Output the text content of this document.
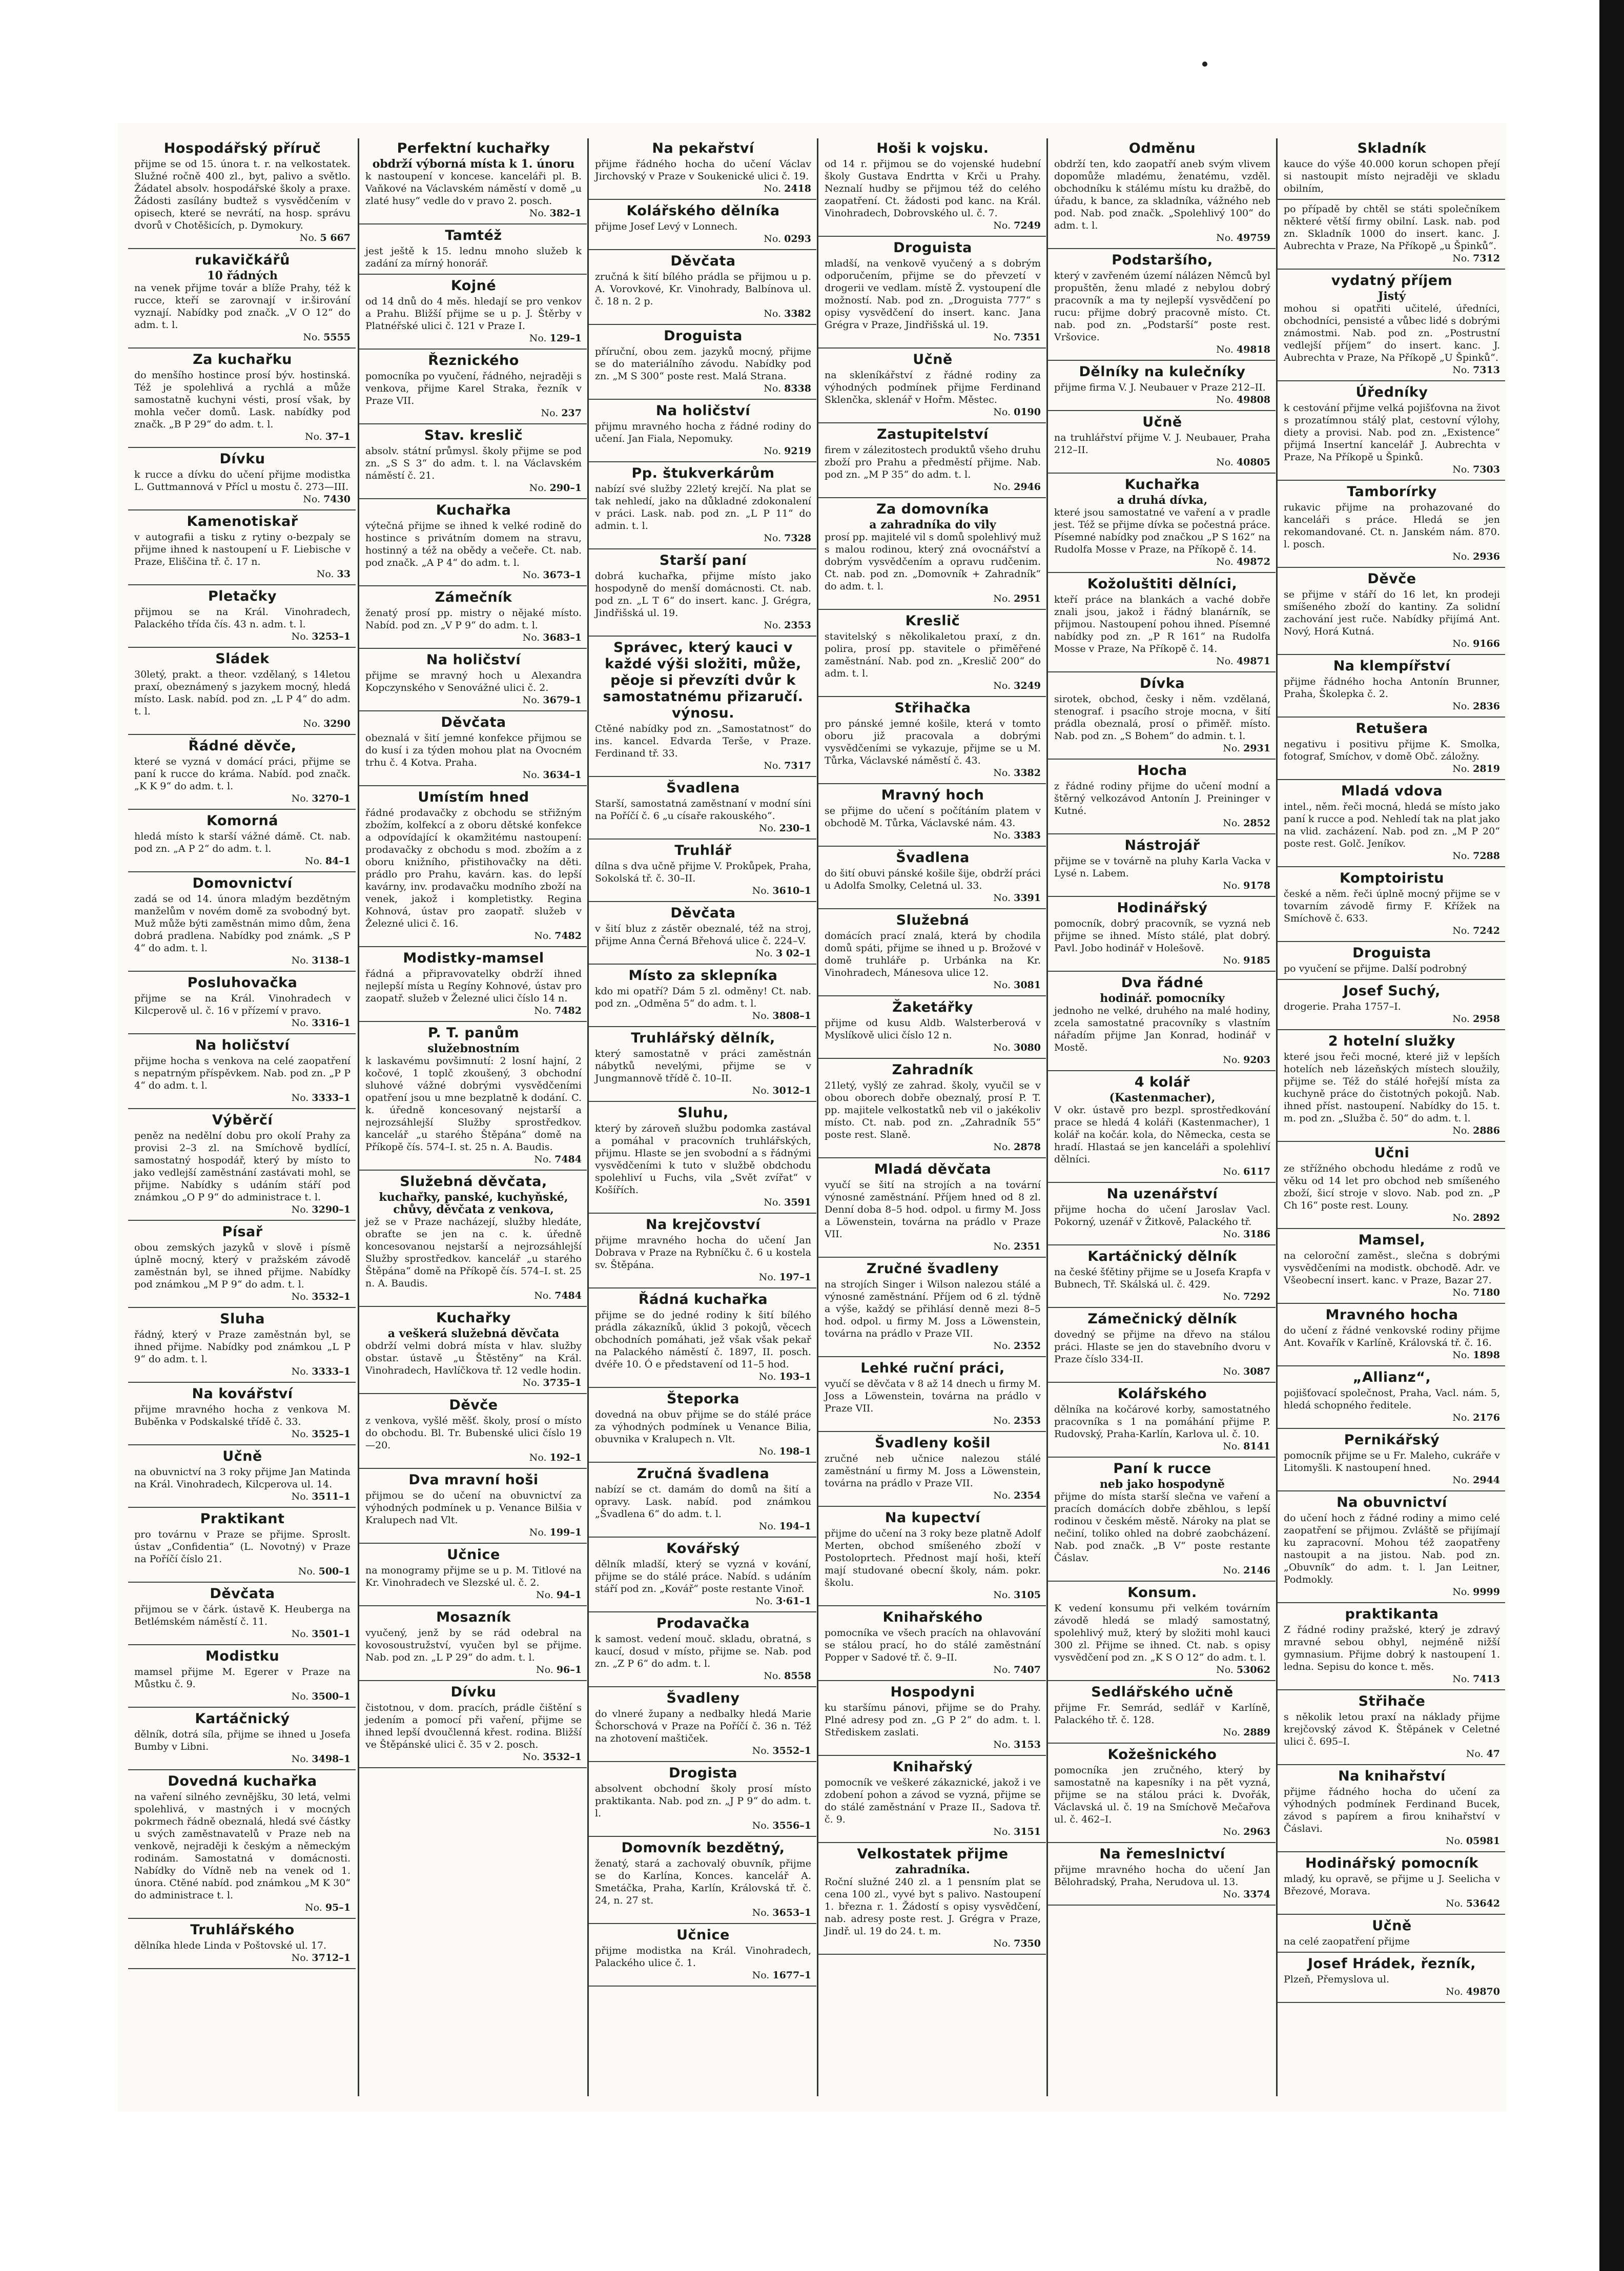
Hospodářský příruč

přijme se od 15. února t. r. na velkostatek. Služné ročně 400 zl., byt, palivo a světlo. Žádatel absolv. hospodářské školy a praxe. Žádosti zasílány budtež s vysvědčením v opisech, které se nevrátí, na hosp. správu dvorů v Chotěšicích, p. Dymokury.

No. 5 667

rukavičkářů
10 řádných

na venek přijme továr a blíže Prahy, též k rucce, kteří se zarovnají v ir.širování vyznají. Nabídky pod značk. „V O 12“ do adm. t. l.

No. 5555

Za kuchařku

do menšího hostince prosí býv. hostinská. Též je spolehlivá a rychlá a může samostatně kuchyni vésti, prosí však, by mohla večer domů. Lask. nabídky pod značk. „B P 29“ do adm. t. l.

No. 37–1

Dívku

k rucce a dívku do učení přijme modistka L. Guttmannová v Přícl u mostu č. 273—III.

No. 7430

Kamenotiskař

v autografii a tisku z rytiny o-bezpaly se přijme ihned k nastoupení u F. Liebische v Praze, Eliščina tř. č. 17 n.

No. 33

Pletačky

přijmou se na Král. Vinohradech, Palackého třída čís. 43 n. adm. t. l.

No. 3253–1

Sládek

30letý, prakt. a theor. vzdělaný, s 14letou praxí, obeznámený s jazykem mocný, hledá místo. Lask. nabíd. pod zn. „L P 4“ do adm. t. l.

No. 3290

Řádné děvče,

které se vyzná v domácí práci, přijme se paní k rucce do kráma. Nabíd. pod značk. „K K 9“ do adm. t. l.

No. 3270–1

Komorná

hledá místo k starší vážné dámě. Ct. nab. pod zn. „A P 2“ do adm. t. l.

No. 84–1

Domovnictví

zadá se od 14. února mladým bezdětným manželům v novém domě za svobodný byt. Muž může býti zaměstnán mimo dům, žena dobrá pradlena. Nabídky pod známk. „S P 4“ do adm. t. l.

No. 3138–1

Posluhovačka

přijme se na Král. Vinohradech v Kilcperově ul. č. 16 v přízemí v pravo.

No. 3316–1

Na holičství

přijme hocha s venkova na celé zaopatření s nepatrným příspěvkem. Nab. pod zn. „P P 4“ do adm. t. l.

No. 3333–1

Výběrčí

peněz na nedělní dobu pro okolí Prahy za provisi 2–3 zl. na Smíchově bydlící, samostatný hospodář, který by místo to jako vedlejší zaměstnání zastávati mohl, se přijme. Nabídky s udáním stáří pod známkou „O P 9“ do administrace t. l.

No. 3290–1

Písař

obou zemských jazyků v slově i písmě úplně mocný, který v pražském závodě zaměstnán byl, se ihned přijme. Nabídky pod známkou „M P 9“ do adm. t. l.

No. 3532–1

Sluha

řádný, který v Praze zaměstnán byl, se ihned přijme. Nabídky pod známkou „L P 9“ do adm. t. l.

No. 3333–1

Na kovářství

přijme mravného hocha z venkova M. Buběnka v Podskalské třídě č. 33.

No. 3525–1

Učně

na obuvnictví na 3 roky přijme Jan Matinda na Král. Vinohradech, Kilcperova ul. 14.

No. 3511–1

Praktikant

pro továrnu v Praze se přijme. Sproslt. ústav „Confidentia“ (L. Novotný) v Praze na Poříčí číslo 21.

No. 500–1

Děvčata

přijmou se v čárk. ústavě K. Heuberga na Betlémském náměstí č. 11.

No. 3501–1

Modistku

mamsel přijme M. Egerer v Praze na Můstku č. 9.

No. 3500–1

Kartáčnický

dělník, dotrá síla, přijme se ihned u Josefa Bumby v Libni.

No. 3498–1

Dovedná kuchařka

na vaření silného zevnějšku, 30 letá, velmi spolehlivá, v mastných i v mocných pokrmech řádně obeznalá, hledá své částky u svých zaměstnavatelů v Praze neb na venkově, nejraději k českým a německým rodinám. Samostatná v domácnosti. Nabídky do Vídně neb na venek od 1. února. Ctěné nabíd. pod známkou „M K 30“ do administrace t. l.

No. 95–1

Truhlářského

dělníka hlede Linda v Poštovské ul. 17.

No. 3712–1

Perfektní kuchařky
obdrží výborná místa k 1. únoru

k nastoupení v koncese. kanceláři pl. B. Vaňkové na Václavském náměstí v domě „u zlaté husy“ vedle do v pravo 2. posch.

No. 382–1

Tamtéž

jest ještě k 15. lednu mnoho služeb k zadání za mírný honorář.

Kojné

od 14 dnů do 4 měs. hledají se pro venkov a Prahu. Bližší přijme se u p. J. Štěrby v Platnéřské ulici č. 121 v Praze I.

No. 129–1

Řeznického

pomocníka po vyučení, řádného, nejraději s venkova, přijme Karel Straka, řezník v Praze VII.

No. 237

Stav. kreslič

absolv. státní průmysl. školy přijme se pod zn. „S S 3“ do adm. t. l. na Václavském náměstí č. 21.

No. 290–1

Kuchařka

výtečná přijme se ihned k velké rodině do hostince s privátním domem na stravu, hostinný a též na obědy a večeře. Ct. nab. pod značk. „A P 4“ do adm. t. l.

No. 3673–1

Zámečník

ženatý prosí pp. mistry o nějaké místo. Nabíd. pod zn. „V P 9“ do adm. t. l.

No. 3683–1

Na holičství

přijme se mravný hoch u Alexandra Kopczynského v Senovážné ulici č. 2.

No. 3679–1

Děvčata

obeznalá v šití jemné konfekce přijmou se do kusí i za týden mohou plat na Ovocném trhu č. 4 Kotva. Praha.

No. 3634–1

Umístím hned

řádné prodavačky z obchodu se střižným zbožím, kolfekcí a z oboru dětské konfekce a odpovídající k okamžitému nastoupení: prodavačky z obchodu s mod. zbožím a z oboru knižního, přistihovačky na děti. prádlo pro Prahu, kavárn. kas. do lepší kavárny, inv. prodavačku modního zboží na venek, jakož i kompletistky. Regina Kohnová, ústav pro zaopatř. služeb v Železné ulici č. 16.

No. 7482

Modistky-mamsel

řádná a připravovatelky obdrží ihned nejlepší místa u Regíny Kohnové, ústav pro zaopatř. služeb v Železné ulici číslo 14 n.

No. 7482

P. T. panům
služebnostním

k laskavému povšimnutí: 2 losní hajní, 2 kočové, 1 toplč zkoušený, 3 obchodní sluhové vážné dobrými vysvědčeními opatření jsou u mne bezplatně k dodání. C. k. úředně koncesovaný nejstarší a nejrozsáhlejší Služby sprostředkov. kancelář „u starého Štěpána“ domě na Příkopě čís. 574–I. st. 25 n. A. Baudis.

No. 7484

Služebná děvčata,
kuchařky, panské, kuchyňské, chůvy, děvčata z venkova,

jež se v Praze nacházejí, služby hledáte, obraťte se jen na c. k. úředně koncesovanou nejstarší a nejrozsáhlejší Služby sprostředkov. kancelář „u starého Štěpána“ domě na Příkopě čís. 574–I. st. 25 n. A. Baudis.

No. 7484

Kuchařky
a veškerá služebná děvčata

obdrží velmi dobrá místa v hlav. služby obstar. ústavě „u Štěstěny“ na Král. Vinohradech, Havlíčkova tř. 12 vedle hodin.

No. 3735–1

Děvče

z venkova, vyšlé měšť. školy, prosí o místo do obchodu. Bl. Tr. Bubenské ulici číslo 19—20.

No. 192–1

Dva mravní hoši

přijmou se do učení na obuvnictví za výhodných podmínek u p. Venance Bilšia v Kralupech nad Vlt.

No. 199–1

Učnice

na monogramy přijme se u p. M. Titlové na Kr. Vinohradech ve Slezské ul. č. 2.

No. 94–1

Mosazník

vyučený, jenž by se rád odebral na kovosoustružství, vyučen byl se přijme. Nab. pod zn. „L P 29“ do adm. t. l.

No. 96–1

Dívku

čistotnou, v dom. pracích, prádle čištění s jedením a pomocí při vaření, přijme se ihned lepší dvoučlenná křest. rodina. Bližší ve Štěpánské ulici č. 35 v 2. posch.

No. 3532–1

Na pekařství

přijme řádného hocha do učení Václav Jirchovský v Praze v Soukenické ulici č. 19.

No. 2418

Kolářského dělníka

přijme Josef Levý v Lonnech.

No. 0293

Děvčata

zručná k šití bílého prádla se přijmou u p. A. Vorovkové, Kr. Vinohrady, Balbínova ul. č. 18 n. 2 p.

No. 3382

Droguista

příruční, obou zem. jazyků mocný, přijme se do materiálního závodu. Nabídky pod zn. „M S 300“ poste rest. Malá Strana.

No. 8338

Na holičství

přijmu mravného hocha z řádné rodiny do učení. Jan Fiala, Nepomuky.

No. 9219

Pp. štukverkárům

nabízí své služby 22letý krejčí. Na plat se tak nehledí, jako na důkladné zdokonalení v práci. Lask. nab. pod zn. „L P 11“ do admin. t. l.

No. 7328

Starší paní

dobrá kuchařka, přijme místo jako hospodyně do menší domácnosti. Ct. nab. pod zn. „L T 6“ do insert. kanc. J. Grégra, Jindřišská ul. 19.

No. 2353

Správec, který kauci v každé výši složiti, může, pěoje si převzíti dvůr k samostatnému přizaručí. výnosu.

Ctěné nabídky pod zn. „Samostatnost“ do ins. kancel. Edvarda Terše, v Praze. Ferdinand tř. 33.

No. 7317

Švadlena

Starší, samostatná zaměstnaní v modní síni na Poříčí č. 6 „u císaře rakouského“.

No. 230–1

Truhlář

dílna s dva učně přijme V. Prokůpek, Praha, Sokolská tř. č. 30–II.

No. 3610–1

Děvčata

v šití bluz z zástěr obeznalé, též na stroj, přijme Anna Černá Břehová ulice č. 224–V.

No. 3 02–1

Místo za sklepníka

kdo mi opatří? Dám 5 zl. odměny! Ct. nab. pod zn. „Odměna 5“ do adm. t. l.

No. 3808–1

Truhlářský dělník,

který samostatně v práci zaměstnán nábytků nevelými, přijme se v Jungmannově třídě č. 10–II.

No. 3012–1

Sluhu,

který by zároveň službu podomka zastával a pomáhal v pracovních truhlářských, přijmu. Hlaste se jen svobodní a s řádnými vysvědčeními k tuto v službě obdchodu spolehliví u Fuchs, vila „Svět zvířat“ v Košířích.

No. 3591

Na krejčovství

přijme mravného hocha do učení Jan Dobrava v Praze na Rybníčku č. 6 u kostela sv. Štěpána.

No. 197–1

Řádná kuchařka

přijme se do jedné rodiny k šití bílého prádla zákazníků, úklid 3 pokojů, věcech obchodních pomáhati, jež však však pekař na Palackého náměstí č. 1897, II. posch. dvéře 10. Ó e představení od 11–5 hod.

No. 193–1

Šteporka

dovedná na obuv přijme se do stálé práce za výhodných podmínek u Venance Bilia, obuvnika v Kralupech n. Vlt.

No. 198–1

Zručná švadlena

nabízí se ct. damám do domů na šití a opravy. Lask. nabíd. pod známkou „Švadlena 6“ do adm. t. l.

No. 194–1

Kovářský

dělník mladší, který se vyzná v kování, přijme se do stálé práce. Nabíd. s udáním stáří pod zn. „Kovář“ poste restante Vinoř.

No. 3·61–1

Prodavačka

k samost. vedení mouč. skladu, obratná, s kaucí, dosud v místo, přijme se. Nab. pod zn. „Z P 6“ do adm. t. l.

No. 8558

Švadleny

do vlneré župany a nedbalky hledá Marie Šchorschová v Praze na Poříčí č. 36 n. Též na zhotovení maštiček.

No. 3552–1

Drogista

absolvent obchodní školy prosí místo praktikanta. Nab. pod zn. „J P 9“ do adm. t. l.

No. 3556–1

Domovník bezdětný,

ženatý, stará a zachovalý obuvník, přijme se do Karlína, Konces. kancelář A. Smetáčka, Praha, Karlín, Královská tř. č. 24, n. 27 st.

No. 3653–1

Učnice

přijme modistka na Král. Vinohradech, Palackého ulice č. 1.

No. 1677–1

Hoši k vojsku.

od 14 r. přijmou se do vojenské hudební školy Gustava Endrtta v Krči u Prahy. Neznalí hudby se přijmou též do celého zaopatření. Ct. žádosti pod kanc. na Král. Vinohradech, Dobrovského ul. č. 7.

No. 7249

Droguista

mladší, na venkově vyučený a s dobrým odporučením, přijme se do převzetí v drogerii ve vedlam. místě Ž. vystoupení dle možností. Nab. pod zn. „Droguista 777“ s opisy vysvědčení do insert. kanc. Jana Grégra v Praze, Jindřišská ul. 19.

No. 7351

Učně

na skleníkářství z řádné rodiny za výhodných podmínek přijme Ferdinand Sklenčka, sklenář v Hořm. Městec.

No. 0190

Zastupitelství

firem v zálezitostech produktů všeho druhu zboží pro Prahu a předměstí přijme. Nab. pod zn. „M P 35“ do adm. t. l.

No. 2946

Za domovníka
a zahradníka do vily

prosí pp. majitelé vil s domů spolehlivý muž s malou rodinou, který zná ovocnářství a dobrým vysvědčením a opravu rudčenim. Ct. nab. pod zn. „Domovník + Zahradník“ do adm. t. l.

No. 2951

Kreslič

stavitelský s několikaletou praxí, z dn. polira, prosí pp. stavitele o přiměřené zaměstnání. Nab. pod zn. „Kreslič 200“ do adm. t. l.

No. 3249

Střihačka

pro pánské jemné košile, která v tomto oboru již pracovala a dobrými vysvědčeními se vykazuje, přijme se u M. Tůrka, Václavské náměstí č. 43.

No. 3382

Mravný hoch

se přijme do učení s počítáním platem v obchodě M. Tůrka, Václavské nám. 43.

No. 3383

Švadlena

do šití obuvi pánské košile šije, obdrží práci u Adolfa Smolky, Celetná ul. 33.

No. 3391

Služebná

domácích prací znalá, která by chodila domů spáti, přijme se ihned u p. Brožové v domě truhláře p. Urbánka na Kr. Vinohradech, Mánesova ulice 12.

No. 3081

Žaketářky

přijme od kusu Aldb. Walsterberová v Myslíkově ulici číslo 12 n.

No. 3080

Zahradník

21letý, vyšlý ze zahrad. školy, vyučil se v obou oborech dobře obeznalý, prosí P. T. pp. majitele velkostatků neb vil o jakékoliv místo. Ct. nab. pod zn. „Zahradník 55“ poste rest. Slaně.

No. 2878

Mladá děvčata

vyučí se šití na strojích a na tovární výnosné zaměstnání. Příjem hned od 8 zl. Denní doba 8–5 hod. odpol. u firmy M. Joss a Löwenstein, továrna na prádlo v Praze VII.

No. 2351

Zručné švadleny

na strojích Singer i Wilson nalezou stálé a výnosné zaměstnání. Příjem od 6 zl. týdně a výše, každý se přihlásí denně mezi 8–5 hod. odpol. u firmy M. Joss a Löwenstein, továrna na prádlo v Praze VII.

No. 2352

Lehké ruční práci,

vyučí se děvčata v 8 až 14 dnech u firmy M. Joss a Löwenstein, továrna na prádlo v Praze VII.

No. 2353

Švadleny košil

zručné neb učnice nalezou stálé zaměstnání u firmy M. Joss a Löwenstein, továrna na prádlo v Praze VII.

No. 2354

Na kupectví

přijme do učení na 3 roky beze platně Adolf Merten, obchod smíšeného zboží v Postoloprtech. Přednost mají hoši, kteří mají studované obecní školy, nám. pokr. školu.

No. 3105

Knihařského

pomocníka ve všech pracích na ohlavování se stálou prací, ho do stálé zaměstnání Popper v Sadové tř. č. 9–II.

No. 7407

Hospodyni

ku staršímu pánovi, přijme se do Prahy. Plné adresy pod zn. „G P 2“ do adm. t. l. Střediskem zaslati.

No. 3153

Knihařský

pomocník ve veškeré zákaznické, jakož i ve zdobení pohon a závod se vyzná, přijme se do stálé zaměstnání v Praze II., Sadova tř. č. 9.

No. 3151

Velkostatek přijme
zahradníka.

Roční služné 240 zl. a 1 pensním plat se cena 100 zl., vyvé byt s palivo. Nastoupení 1. března r. 1. Žádostí s opisy vysvědčení, nab. adresy poste rest. J. Grégra v Praze, Jindř. ul. 19 do 24. t. m.

No. 7350

Odměnu

obdrží ten, kdo zaopatří aneb svým vlivem dopomůže mladému, ženatému, vzděl. obchodníku k stálému místu ku dražbě, do úřadu, k bance, za skladníka, vážného neb pod. Nab. pod značk. „Spolehlivý 100“ do adm. t. l.

No. 49759

Podstaršího,

který v zavřeném území nálázen Němců byl propuštěn, ženu mladé z nebylou dobrý pracovník a ma ty nejlepší vysvědčení po rucu: přijme dobrý pracovně místo. Ct. nab. pod zn. „Podstarší“ poste rest. Vršovice.

No. 49818

Dělníky na kulečníky

přijme firma V. J. Neubauer v Praze 212–II.

No. 49808

Učně

na truhlářství přijme V. J. Neubauer, Praha 212–II.

No. 40805

Kuchařka
a druhá dívka,

které jsou samostatné ve vaření a v pradle jest. Též se přijme dívka se počestná práce. Písemné nabídky pod značkou „P S 162“ na Rudolfa Mosse v Praze, na Příkopě č. 14.

No. 49872

Kožoluštiti dělníci,

kteří práce na blankách a vaché dobře znali jsou, jakož i řádný blanárník, se přijmou. Nastoupení pohou ihned. Písemné nabídky pod zn. „P R 161“ na Rudolfa Mosse v Praze, Na Příkopě č. 14.

No. 49871

Dívka

sirotek, obchod, česky i něm. vzdělaná, stenograf. i psacího stroje mocna, v šití prádla obeznalá, prosí o přiměř. místo. Nab. pod zn. „S Bohem“ do admin. t. l.

No. 2931

Hocha

z řádné rodiny přijme do učení modní a štěrný velkozávod Antonín J. Preininger v Kutné.

No. 2852

Nástrojář

přijme se v továrně na pluhy Karla Vacka v Lysé n. Labem.

No. 9178

Hodinářský

pomocník, dobrý pracovník, se vyzná neb přijme se ihned. Místo stálé, plat dobrý. Pavl. Jobo hodinář v Holešově.

No. 9185

Dva řádné
hodinář. pomocníky

jednoho ne velké, druhého na malé hodiny, zcela samostatné pracovníky s vlastním nářadím přijme Jan Konrad, hodinář v Mostě.

No. 9203

4 kolář
(Kastenmacher),

V okr. ústavě pro bezpl. sprostředkování prace se hledá 4 koláři (Kastenmacher), 1 kolář na kočár. kola, do Německa, cesta se hradí. Hlastaá se jen kanceláři a spolehliví dělníci.

No. 6117

Na uzenářství

přijme hocha do učení Jaroslav Vacl. Pokorný, uzenář v Žitkově, Palackého tř.

No. 3186

Kartáčnický dělník

na české šťětiny přijme se u Josefa Krapfa v Bubnech, Tř. Skálská ul. č. 429.

No. 7292

Zámečnický dělník

dovedný se přijme na dřevo na stálou práci. Hlaste se jen do stavebního dvoru v Praze číslo 334-II.

No. 3087

Kolářského

dělníka na kočárové korby, samostatného pracovníka s 1 na pomáhání přijme P. Rudovský, Praha-Karlín, Karlova ul. č. 10.

No. 8141

Paní k rucce
neb jako hospodyně

přijme do místa starší slečna ve vaření a pracích domácích dobře zběhlou, s lepší rodinou v českém městě. Nároky na plat se nečiní, toliko ohled na dobré zaobcházení. Nab. pod značk. „B V“ poste restante Čáslav.

No. 2146

Konsum.

K vedení konsumu při velkém továrním závodě hledá se mladý samostatný, spolehlivý muž, který by složiti mohl kauci 300 zl. Přijme se ihned. Ct. nab. s opisy vysvědčení pod zn. „K S O 12“ do adm. t. l.

No. 53062

Sedlářského učně

přijme Fr. Semrád, sedlář v Karlíně, Palackého tř. č. 128.

No. 2889

Kožešnického

pomocníka jen zručného, který by samostatně na kapesníky i na pět vyzná, přijme se na stálou práci k. Dvořák, Václavská ul. č. 19 na Smíchově Mečařova ul. č. 462–I.

No. 2963

Na řemeslnictví

přijme mravného hocha do učení Jan Bělohradský, Praha, Nerudova ul. 13.

No. 3374

Skladník

kauce do výše 40.000 korun schopen přejí si nastoupit místo nejraději ve skladu obilním,

po případě by chtěl se státi společníkem některé větší firmy obilní. Lask. nab. pod zn. Skladník 1000 do insert. kanc. J. Aubrechta v Praze, Na Příkopě „u Špinků“.

No. 7312

vydatný příjem
Jistý

mohou si opatřiti učitelé, úředníci, obchodníci, pensisté a vůbec lidé s dobrými známostmi. Nab. pod zn. „Postrustní vedlejší příjem“ do insert. kanc. J. Aubrechta v Praze, Na Příkopě „U Špinků“.

No. 7313

Úředníky

k cestování přijme velká pojišťovna na život s prozatímnou stálý plat, cestovní výlohy, diety a provisi. Nab. pod zn. „Existence“ přijmá Insertní kancelář J. Aubrechta v Praze, Na Příkopě u Špinků.

No. 7303

Tamborírky

rukavic přijme na prohazované do kanceláři s práce. Hledá se jen rekomandované. Ct. n. Janském nám. 870. l. posch.

No. 2936

Děvče

se přijme v stáří do 16 let, kn prodeji smíšeného zboží do kantiny. Za solidní zachování jest ruče. Nabídky přijímá Ant. Nový, Horá Kutná.

No. 9166

Na klempířství

přijme řádného hocha Antonín Brunner, Praha, Školepka č. 2.

No. 2836

Retušera

negativu i positivu přijme K. Smolka, fotograf, Smíchov, v domě Obč. záložny.

No. 2819

Mladá vdova

intel., něm. řeči mocná, hledá se místo jako paní k rucce a pod. Nehledí tak na plat jako na vlid. zacházení. Nab. pod zn. „M P 20“ poste rest. Golč. Jeníkov.

No. 7288

Komptoiristu

české a něm. řeči úplně mocný přijme se v tovarním závodě firmy F. Křížek na Smíchově č. 633.

No. 7242

Droguista

po vyučení se přijme. Další podrobný

Josef Suchý,

drogerie. Praha 1757–I.

No. 2958

2 hotelní služky

které jsou řeči mocné, které již v lepších hotelích neb lázeňských místech sloužily, přijme se. Též do stálé hořejší místa za kuchyně práce do čistotných pokojů. Nab. ihned příst. nastoupení. Nabídky do 15. t. m. pod zn. „Služba č. 50“ do adm. t. l.

No. 2886

Učni

ze střížného obchodu hledáme z rodů ve věku od 14 let pro obchod neb smíšeného zboží, šicí stroje v slovo. Nab. pod zn. „P Ch 16“ poste rest. Louny.

No. 2892

Mamsel,

na celoroční zaměst., slečna s dobrými vysvědčeními na modistk. obchodě. Adr. ve Všeobecní insert. kanc. v Praze, Bazar 27.

No. 7180

Mravného hocha

do učení z řádné venkovské rodiny přijme Ant. Kovařík v Karlíně, Královská tř. č. 16.

No. 1898

„Allianz“,

pojišťovací společnost, Praha, Vacl. nám. 5, hledá schopného ředitele.

No. 2176

Pernikářský

pomocník přijme se u Fr. Maleho, cukráře v Litomyšli. K nastoupení hned.

No. 2944

Na obuvnictví

do učení hoch z řádné rodiny a mimo celé zaopatření se přijmou. Zvláště se přijímají ku zapracovní. Mohou též zaopatřeny nastoupit a na jistou. Nab. pod zn. „Obuvník“ do adm. t. l. Jan Leitner, Podmokly.

No. 9999

praktikanta

Z řádné rodiny pražské, který je zdravý mravné sebou obhyl, nejméně nižší gymnasium. Přijme dobrý k nastoupení 1. ledna. Sepisu do konce t. měs.

No. 7413

Střihače

s několik letou praxí na náklady přijme krejčovský závod K. Štěpánek v Celetné ulici č. 695–I.

No. 47

Na knihařství

přijme řádného hocha do učení za výhodných podmínek Ferdinand Bucek, závod s papírem a firou knihařství v Čáslavi.

No. 05981

Hodinářský pomocník

mladý, ku opravě, se přijme u J. Seelicha v Březové, Morava.

No. 53642

Učně

na celé zaopatření přijme

Josef Hrádek, řezník,

Plzeň, Přemyslova ul.

No. 49870
